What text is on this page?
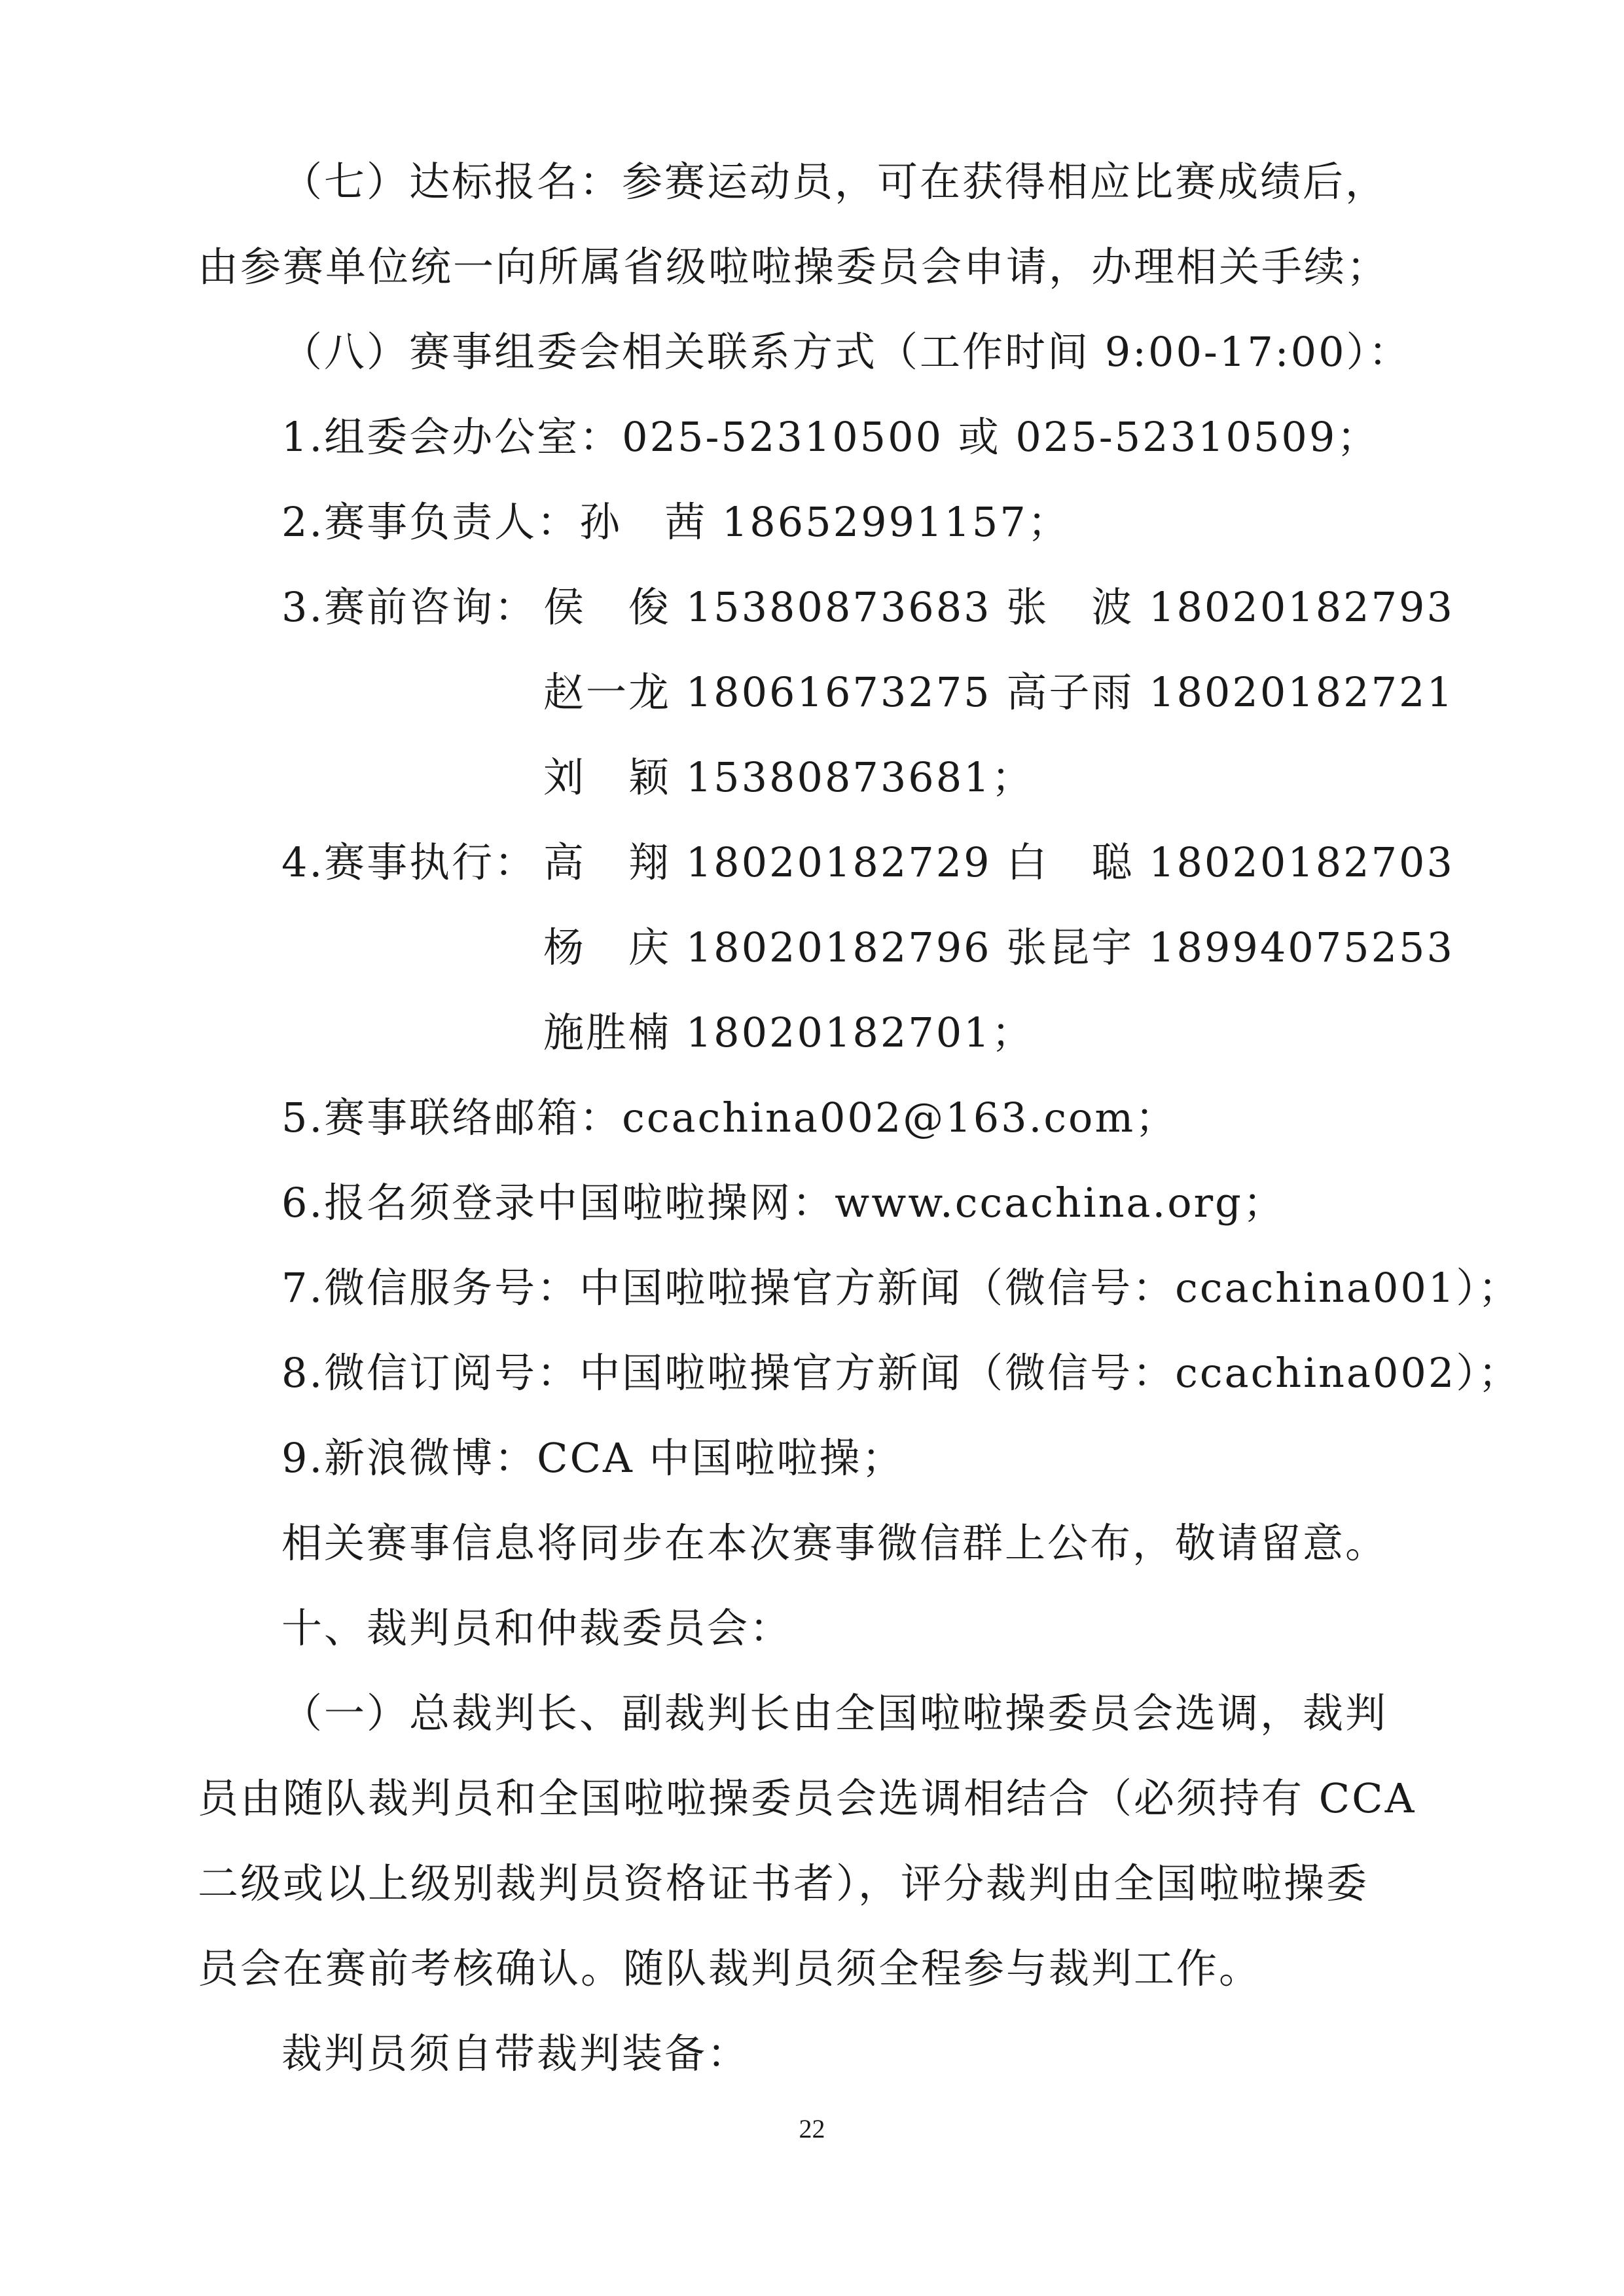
（七）达标报名：参赛运动员，可在获得相应比赛成绩后，
由参赛单位统一向所属省级啦啦操委员会申请，办理相关手续；
（八）赛事组委会相关联系方式（工作时间 9:00-17:00）：
1.组委会办公室：025-52310500 或 025-52310509；
2.赛事负责人：孙　茜 18652991157；
3.赛前咨询： 侯　俊 15380873683 张　波 18020182793
赵一龙 18061673275 高子雨 18020182721
刘　颖 15380873681；
4.赛事执行： 高　翔 18020182729 白　聪 18020182703
杨　庆 18020182796 张昆宇 18994075253
施胜楠 18020182701；
5.赛事联络邮箱：ccachina002@163.com；
6.报名须登录中国啦啦操网：www.ccachina.org；
7.微信服务号：中国啦啦操官方新闻（微信号：ccachina001）；
8.微信订阅号：中国啦啦操官方新闻（微信号：ccachina002）；
9.新浪微博：CCA 中国啦啦操；
相关赛事信息将同步在本次赛事微信群上公布，敬请留意。
十、裁判员和仲裁委员会：
（一）总裁判长、副裁判长由全国啦啦操委员会选调，裁判
员由随队裁判员和全国啦啦操委员会选调相结合（必须持有 CCA
二级或以上级别裁判员资格证书者），评分裁判由全国啦啦操委
员会在赛前考核确认。随队裁判员须全程参与裁判工作。
裁判员须自带裁判装备：
22
